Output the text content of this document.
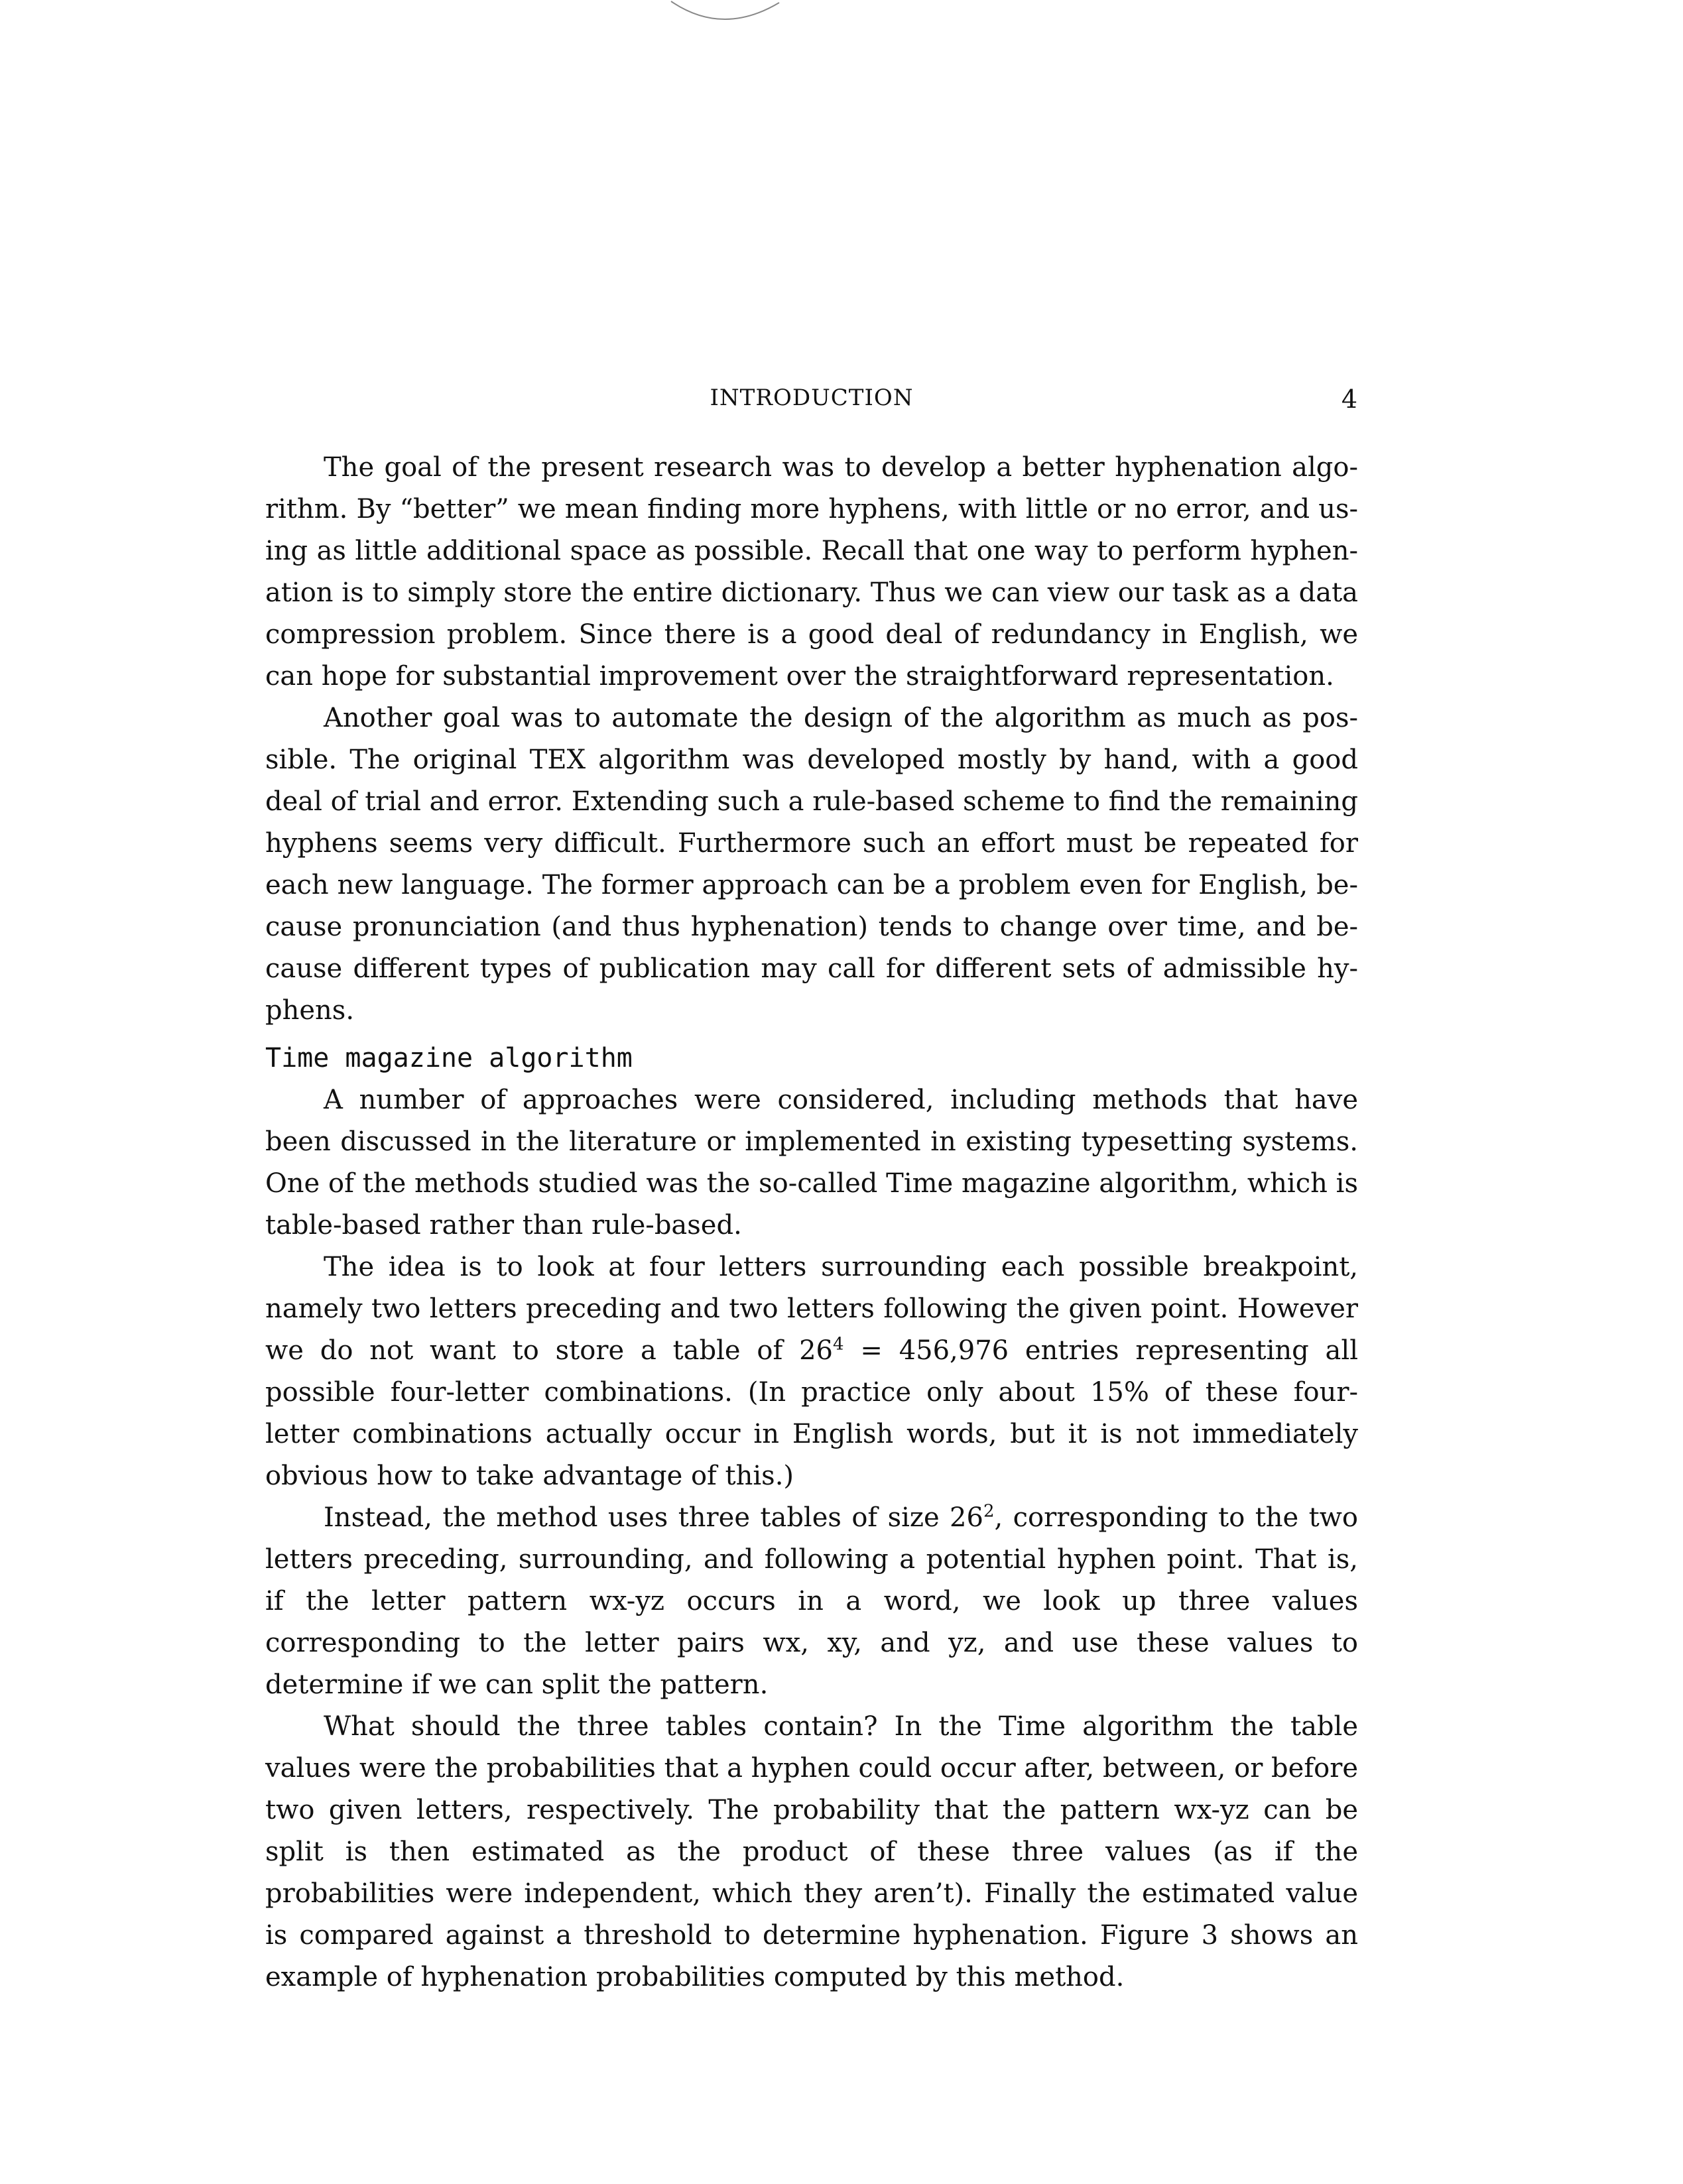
INTRODUCTION	4

The goal of the present research was to develop a better hyphenation algorithm. By “better” we mean finding more hyphens, with little or no error, and using as little additional space as possible. Recall that one way to perform hyphenation is to simply store the entire dictionary. Thus we can view our task as a data compression problem. Since there is a good deal of redundancy in English, we can hope for substantial improvement over the straightforward representation.

Another goal was to automate the design of the algorithm as much as possible. The original TEX algorithm was developed mostly by hand, with a good deal of trial and error. Extending such a rule-based scheme to find the remaining hyphens seems very difficult. Furthermore such an effort must be repeated for each new language. The former approach can be a problem even for English, because pronunciation (and thus hyphenation) tends to change over time, and because different types of publication may call for different sets of admissible hyphens.

Time magazine algorithm

A number of approaches were considered, including methods that have been discussed in the literature or implemented in existing typesetting systems. One of the methods studied was the so-called Time magazine algorithm, which is table-based rather than rule-based.

The idea is to look at four letters surrounding each possible breakpoint, namely two letters preceding and two letters following the given point. However we do not want to store a table of $26^4 = 456,976$ entries representing all possible four-letter combinations. (In practice only about 15% of these four-letter combinations actually occur in English words, but it is not immediately obvious how to take advantage of this.)

Instead, the method uses three tables of size $26^2$, corresponding to the two letters preceding, surrounding, and following a potential hyphen point. That is, if the letter pattern wx-yz occurs in a word, we look up three values corresponding to the letter pairs wx, xy, and yz, and use these values to determine if we can split the pattern.

What should the three tables contain? In the Time algorithm the table values were the probabilities that a hyphen could occur after, between, or before two given letters, respectively. The probability that the pattern wx-yz can be split is then estimated as the product of these three values (as if the probabilities were independent, which they aren’t). Finally the estimated value is compared against a threshold to determine hyphenation. Figure 3 shows an example of hyphenation probabilities computed by this method.
